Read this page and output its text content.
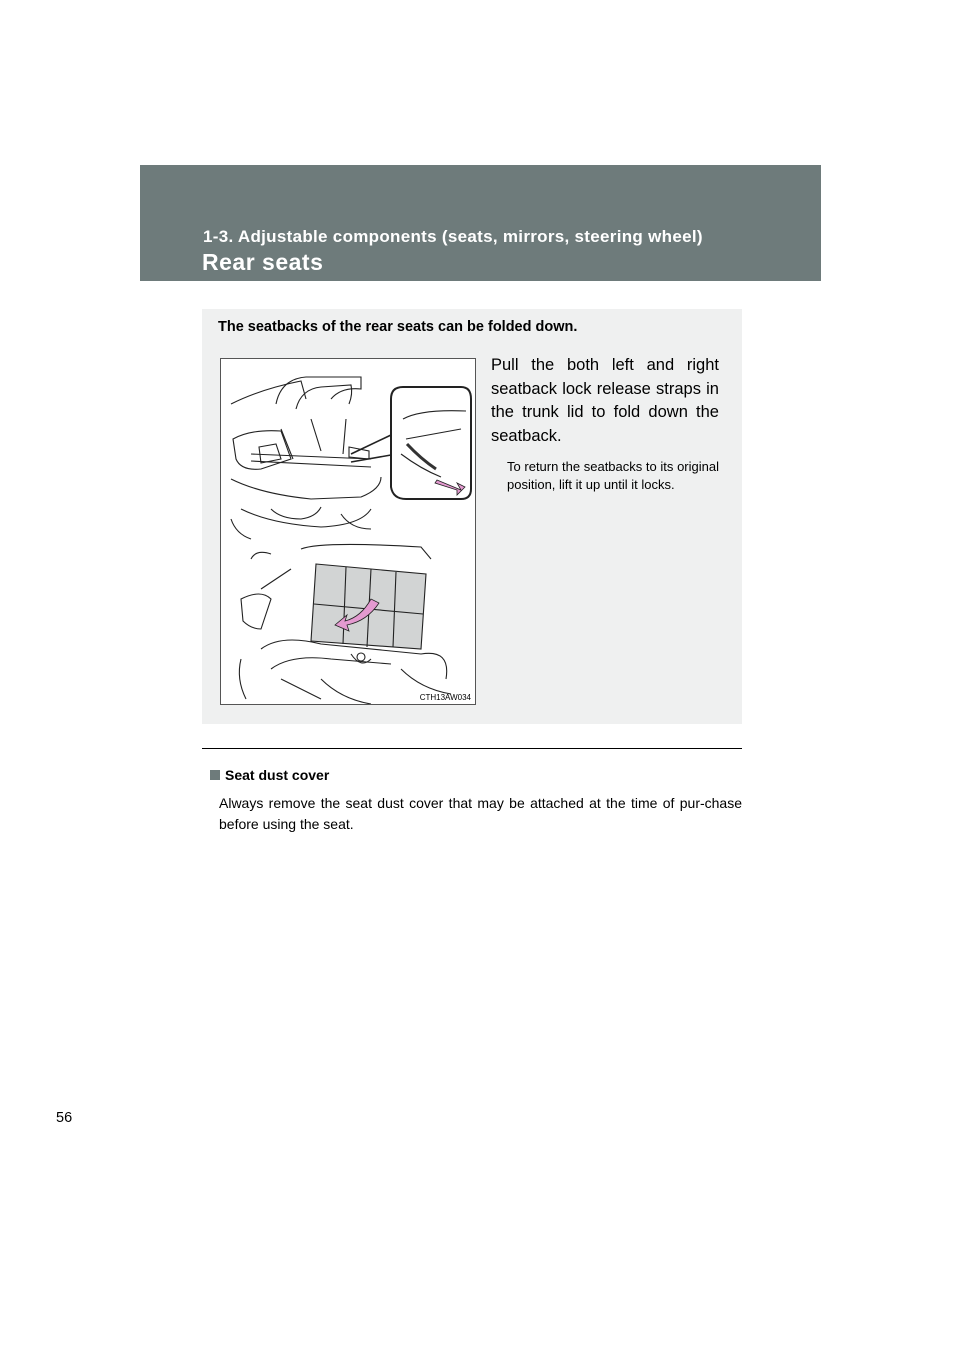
1-3. Adjustable components (seats, mirrors, steering wheel)
Rear seats
The seatbacks of the rear seats can be folded down.
CTH13AW034
Pull the both left and right seatback lock release straps in the trunk lid to fold down the seatback.
To return the seatbacks to its original position, lift it up until it locks.
Seat dust cover
Always remove the seat dust cover that may be attached at the time of pur-chase before using the seat.
56
